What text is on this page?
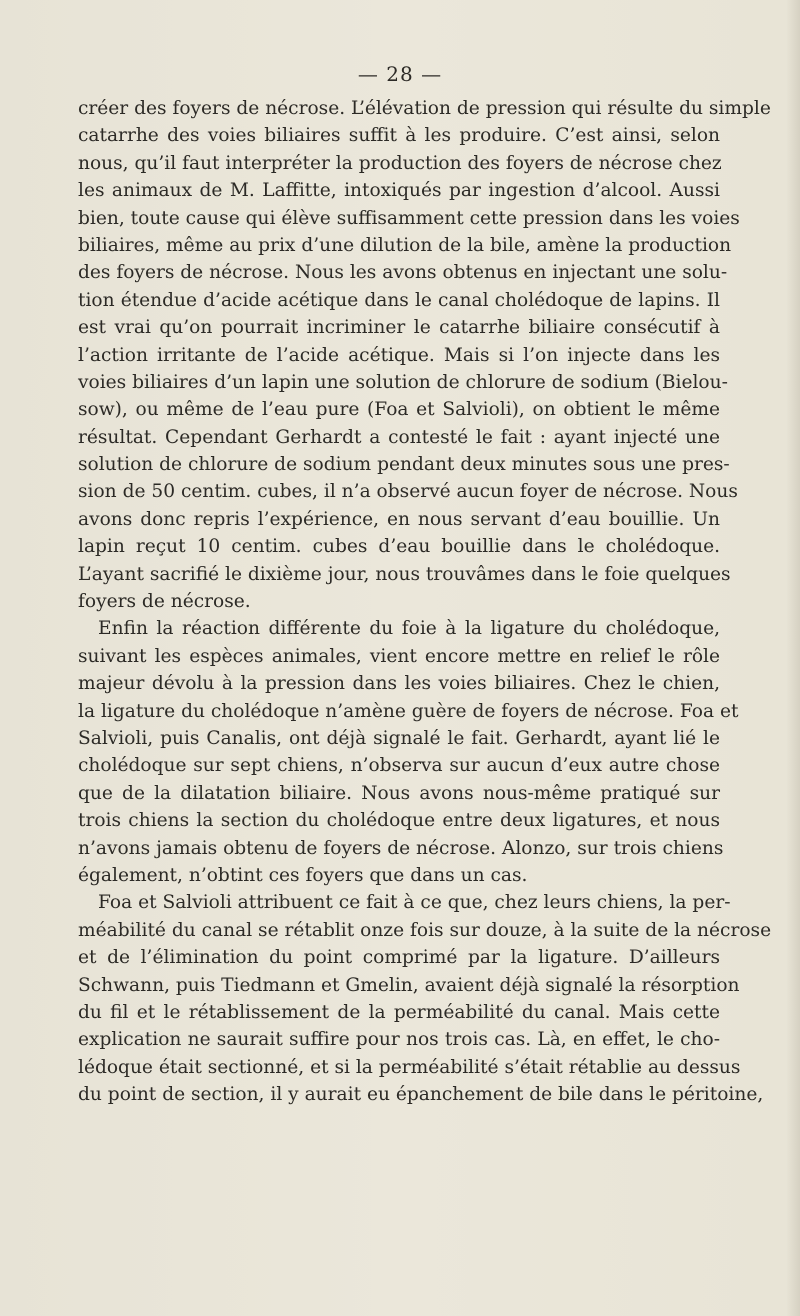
— 28 —
créer des foyers de nécrose. L’élévation de pression qui résulte du simple
catarrhe des voies biliaires suffit à les produire. C’est ainsi, selon
nous, qu’il faut interpréter la production des foyers de nécrose chez
les animaux de M. Laffitte, intoxiqués par ingestion d’alcool. Aussi
bien, toute cause qui élève suffisamment cette pression dans les voies
biliaires, même au prix d’une dilution de la bile, amène la production
des foyers de nécrose. Nous les avons obtenus en injectant une solu-
tion étendue d’acide acétique dans le canal cholédoque de lapins. Il
est vrai qu’on pourrait incriminer le catarrhe biliaire consécutif à
l’action irritante de l’acide acétique. Mais si l’on injecte dans les
voies biliaires d’un lapin une solution de chlorure de sodium (Bielou-
sow), ou même de l’eau pure (Foa et Salvioli), on obtient le même
résultat. Cependant Gerhardt a contesté le fait : ayant injecté une
solution de chlorure de sodium pendant deux minutes sous une pres-
sion de 50 centim. cubes, il n’a observé aucun foyer de nécrose. Nous
avons donc repris l’expérience, en nous servant d’eau bouillie. Un
lapin reçut 10 centim. cubes d’eau bouillie dans le cholédoque.
L’ayant sacrifié le dixième jour, nous trouvâmes dans le foie quelques
foyers de nécrose.
Enfin la réaction différente du foie à la ligature du cholédoque,
suivant les espèces animales, vient encore mettre en relief le rôle
majeur dévolu à la pression dans les voies biliaires. Chez le chien,
la ligature du cholédoque n’amène guère de foyers de nécrose. Foa et
Salvioli, puis Canalis, ont déjà signalé le fait. Gerhardt, ayant lié le
cholédoque sur sept chiens, n’observa sur aucun d’eux autre chose
que de la dilatation biliaire. Nous avons nous-même pratiqué sur
trois chiens la section du cholédoque entre deux ligatures, et nous
n’avons jamais obtenu de foyers de nécrose. Alonzo, sur trois chiens
également, n’obtint ces foyers que dans un cas.
Foa et Salvioli attribuent ce fait à ce que, chez leurs chiens, la per-
méabilité du canal se rétablit onze fois sur douze, à la suite de la nécrose
et de l’élimination du point comprimé par la ligature. D’ailleurs
Schwann, puis Tiedmann et Gmelin, avaient déjà signalé la résorption
du fil et le rétablissement de la perméabilité du canal. Mais cette
explication ne saurait suffire pour nos trois cas. Là, en effet, le cho-
lédoque était sectionné, et si la perméabilité s’était rétablie au dessus
du point de section, il y aurait eu épanchement de bile dans le péritoine,
